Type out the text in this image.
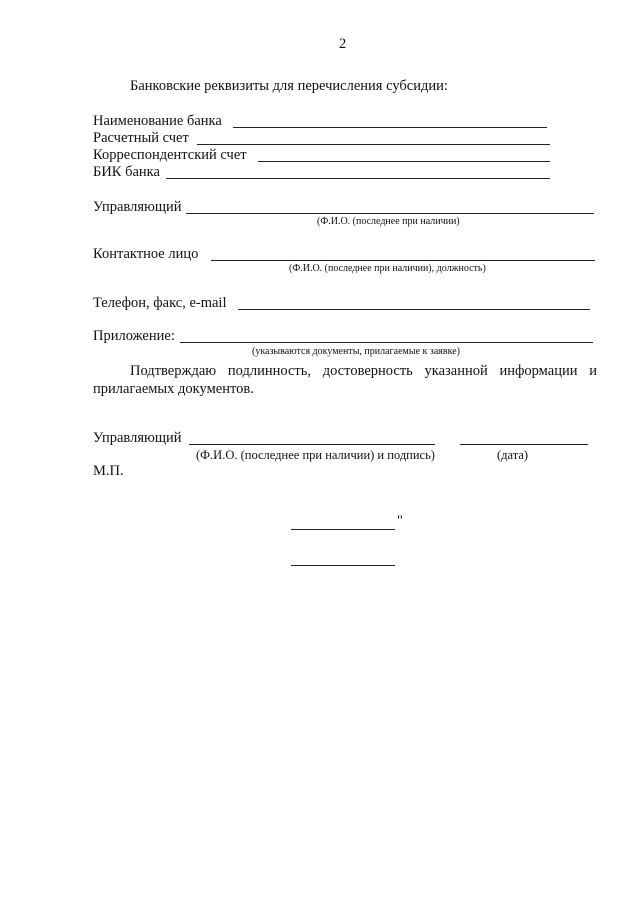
2
Банковские реквизиты для перечисления субсидии:
Наименование банка
Расчетный счет
Корреспондентский счет
БИК банка
Управляющий
(Ф.И.О. (последнее при наличии)
Контактное лицо
(Ф.И.О. (последнее при наличии), должность)
Телефон, факс, e-mail
Приложение:
(указываются документы, прилагаемые к заявке)
Подтверждаю подлинность, достоверность указанной информации и прилагаемых документов.
Управляющий
(Ф.И.О. (последнее при наличии) и подпись)	(дата)
М.П.
"
